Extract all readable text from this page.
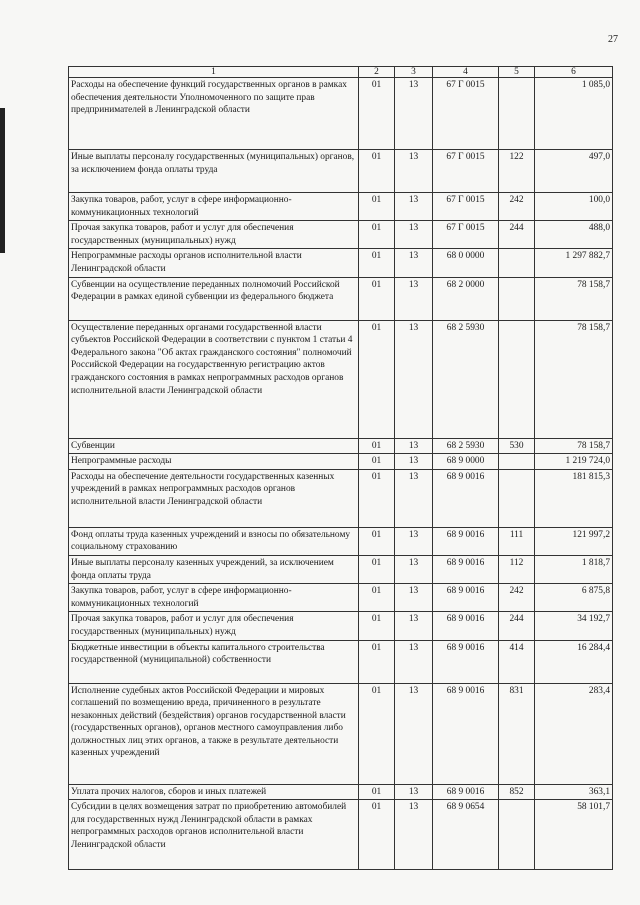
27
1	2	3	4	5	6
Расходы на обеспечение функций государственных органов в рамках обеспечения деятельности Уполномоченного по защите прав предпринимателей в Ленинградской области	01	13	67 Г 0015		1 085,0
Иные выплаты персоналу государственных (муниципальных) органов, за исключением фонда оплаты труда	01	13	67 Г 0015	122	497,0
Закупка товаров, работ, услуг в сфере информационно-коммуникационных технологий	01	13	67 Г 0015	242	100,0
Прочая закупка товаров, работ и услуг для обеспечения государственных (муниципальных) нужд	01	13	67 Г 0015	244	488,0
Непрограммные расходы органов исполнительной власти Ленинградской области	01	13	68 0 0000		1 297 882,7
Субвенции на осуществление переданных полномочий Российской Федерации в рамках единой субвенции из федерального бюджета	01	13	68 2 0000		78 158,7
Осуществление переданных органами государственной власти субъектов Российской Федерации в соответствии с пунктом 1 статьи 4 Федерального закона "Об актах гражданского состояния" полномочий Российской Федерации на государственную регистрацию актов гражданского состояния в рамках непрограммных расходов органов исполнительной власти Ленинградской области	01	13	68 2 5930		78 158,7
Субвенции	01	13	68 2 5930	530	78 158,7
Непрограммные расходы	01	13	68 9 0000		1 219 724,0
Расходы на обеспечение деятельности государственных казенных учреждений в рамках непрограммных расходов органов исполнительной власти Ленинградской области	01	13	68 9 0016		181 815,3
Фонд оплаты труда казенных учреждений и взносы по обязательному социальному страхованию	01	13	68 9 0016	111	121 997,2
Иные выплаты персоналу казенных учреждений, за исключением фонда оплаты труда	01	13	68 9 0016	112	1 818,7
Закупка товаров, работ, услуг в сфере информационно-коммуникационных технологий	01	13	68 9 0016	242	6 875,8
Прочая закупка товаров, работ и услуг для обеспечения государственных (муниципальных) нужд	01	13	68 9 0016	244	34 192,7
Бюджетные инвестиции в объекты капитального строительства государственной (муниципальной) собственности	01	13	68 9 0016	414	16 284,4
Исполнение судебных актов Российской Федерации и мировых соглашений по возмещению вреда, причиненного в результате незаконных действий (бездействия) органов государственной власти (государственных органов), органов местного самоуправления либо должностных лиц этих органов, а также в результате деятельности казенных учреждений	01	13	68 9 0016	831	283,4
Уплата прочих налогов, сборов и иных платежей	01	13	68 9 0016	852	363,1
Субсидии в целях возмещения затрат по приобретению автомобилей для государственных нужд Ленинградской области в рамках непрограммных расходов органов исполнительной власти Ленинградской области	01	13	68 9 0654		58 101,7
